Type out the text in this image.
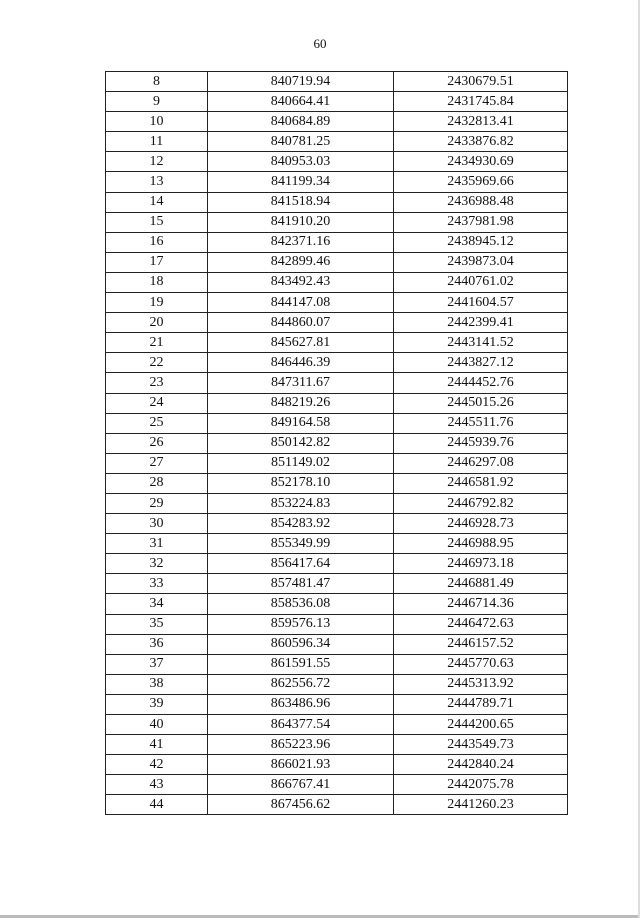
60
8	840719.94	2430679.51
9	840664.41	2431745.84
10	840684.89	2432813.41
11	840781.25	2433876.82
12	840953.03	2434930.69
13	841199.34	2435969.66
14	841518.94	2436988.48
15	841910.20	2437981.98
16	842371.16	2438945.12
17	842899.46	2439873.04
18	843492.43	2440761.02
19	844147.08	2441604.57
20	844860.07	2442399.41
21	845627.81	2443141.52
22	846446.39	2443827.12
23	847311.67	2444452.76
24	848219.26	2445015.26
25	849164.58	2445511.76
26	850142.82	2445939.76
27	851149.02	2446297.08
28	852178.10	2446581.92
29	853224.83	2446792.82
30	854283.92	2446928.73
31	855349.99	2446988.95
32	856417.64	2446973.18
33	857481.47	2446881.49
34	858536.08	2446714.36
35	859576.13	2446472.63
36	860596.34	2446157.52
37	861591.55	2445770.63
38	862556.72	2445313.92
39	863486.96	2444789.71
40	864377.54	2444200.65
41	865223.96	2443549.73
42	866021.93	2442840.24
43	866767.41	2442075.78
44	867456.62	2441260.23
